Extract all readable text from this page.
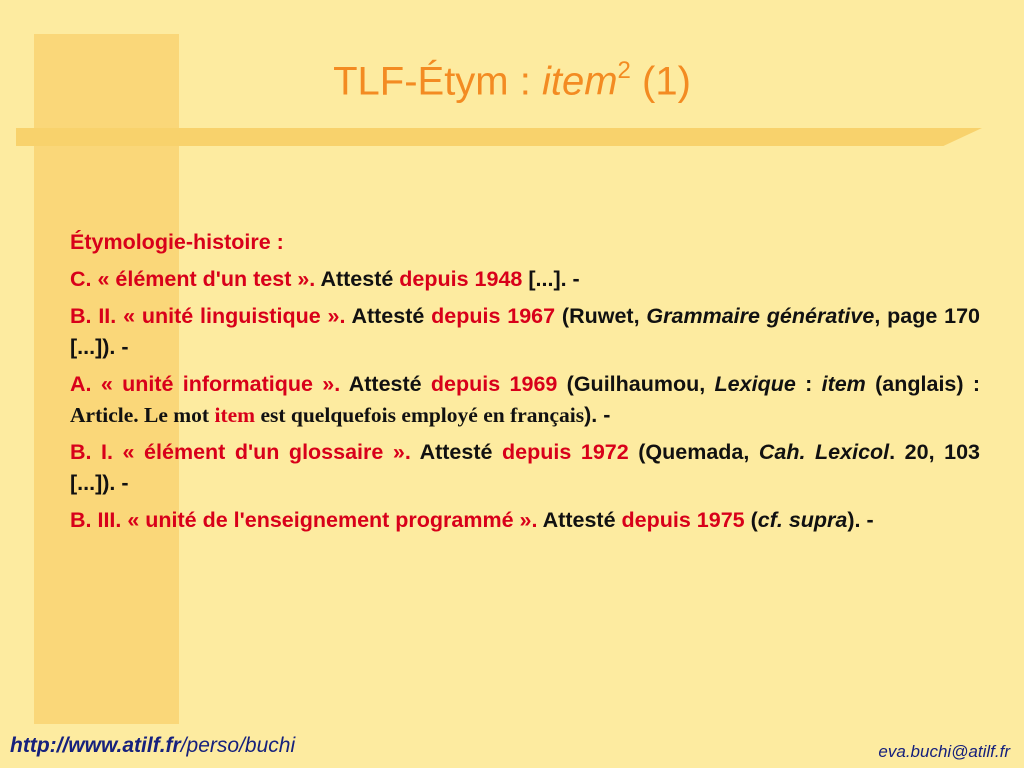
TLF-Étym : item$^2$ (1)

Étymologie-histoire :

C. « élément d'un test ». Attesté depuis 1948 [...]. -

B. II. « unité linguistique ». Attesté depuis 1967 (Ruwet, Grammaire générative, page 170 [...]). -

A. « unité informatique ». Attesté depuis 1969 (Guilhaumou, Lexique : item (anglais) : Article. Le mot item est quelquefois employé en français). -

B. I. « élément d'un glossaire ». Attesté depuis 1972 (Quemada, Cah. Lexicol. 20, 103 [...]). -

B. III. « unité de l'enseignement programmé ». Attesté depuis 1975 (cf. supra). -

http://www.atilf.fr/perso/buchi	eva.buchi@atilf.fr
